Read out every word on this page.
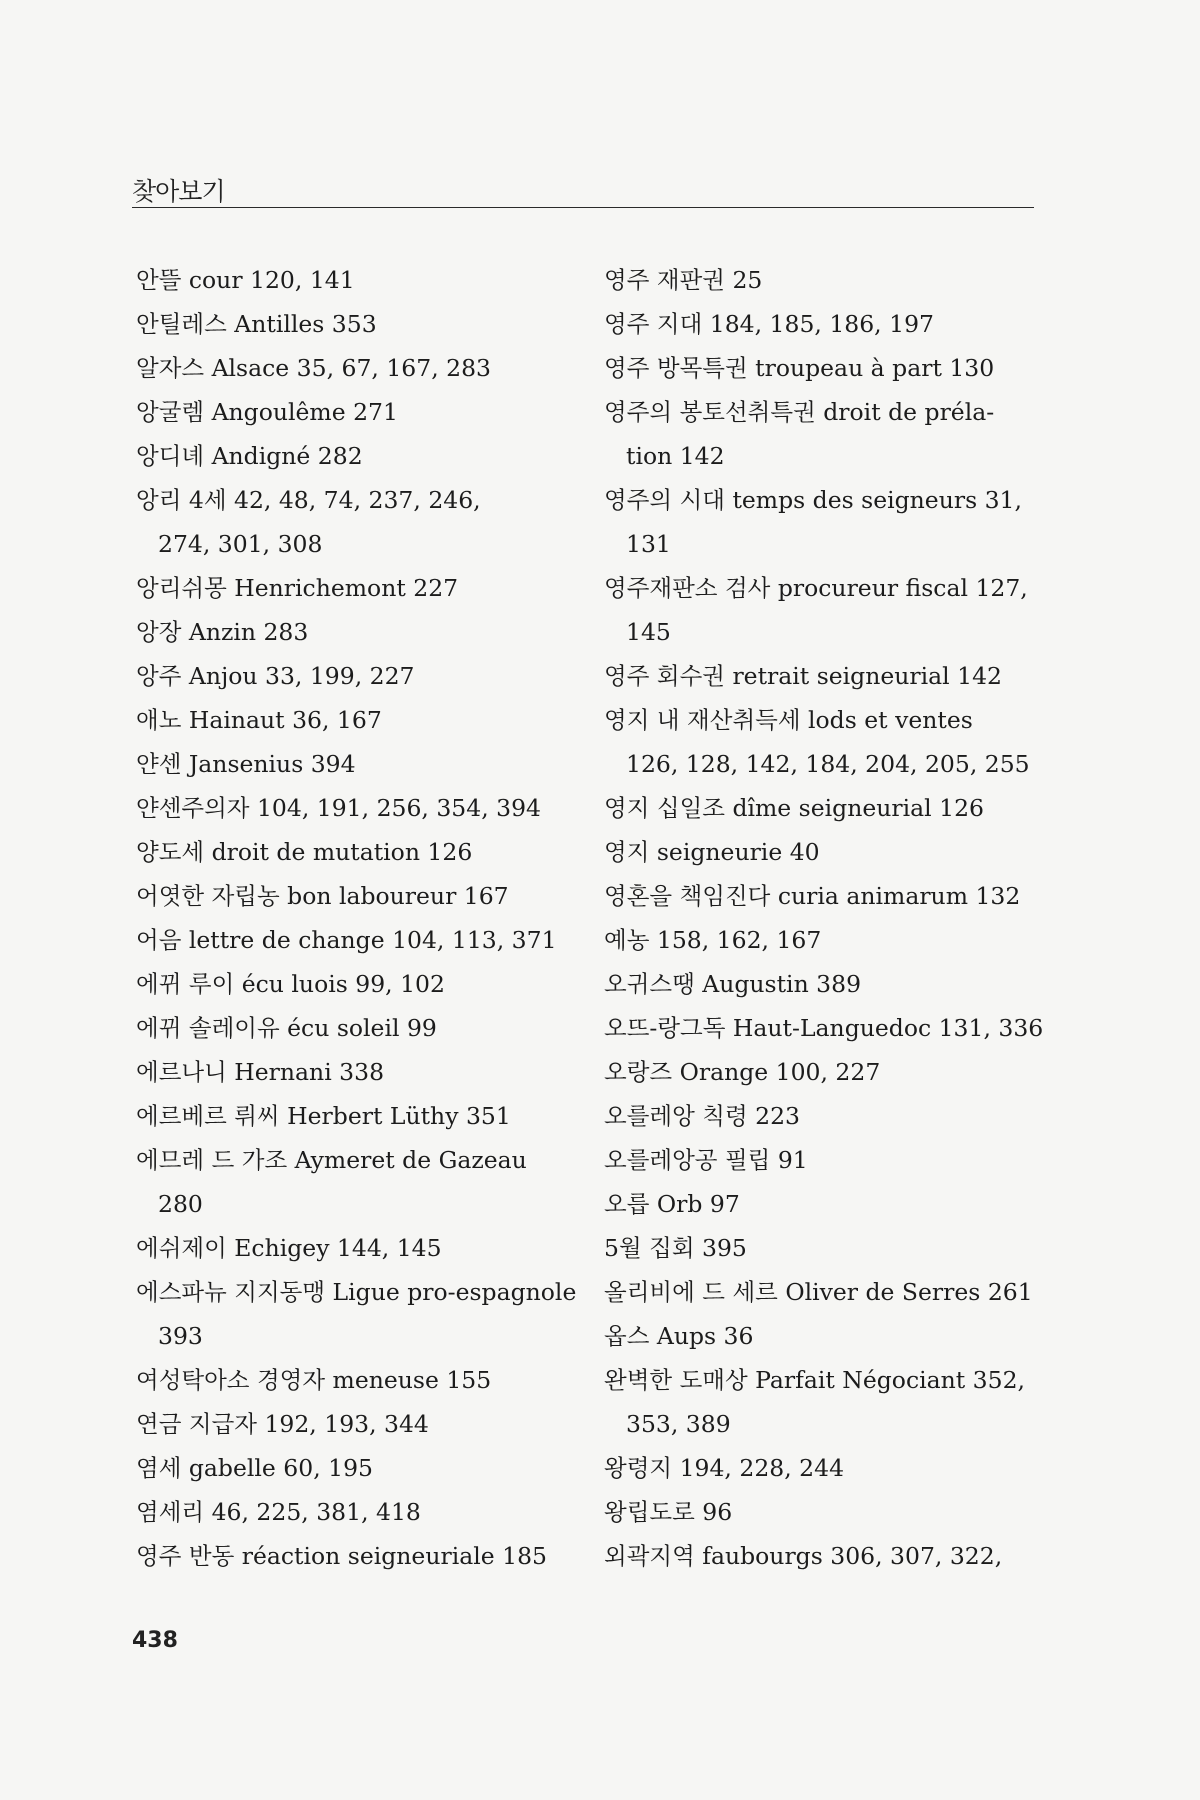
찾아보기
안뜰 cour 120, 141
안틸레스 Antilles 353
알자스 Alsace 35, 67, 167, 283
앙굴렘 Angoulême 271
앙디녜 Andigné 282
앙리 4세 42, 48, 74, 237, 246,
274, 301, 308
앙리쉬몽 Henrichemont 227
앙장 Anzin 283
앙주 Anjou 33, 199, 227
애노 Hainaut 36, 167
얀센 Jansenius 394
얀센주의자 104, 191, 256, 354, 394
양도세 droit de mutation 126
어엿한 자립농 bon laboureur 167
어음 lettre de change 104, 113, 371
에뀌 루이 écu luois 99, 102
에뀌 솔레이유 écu soleil 99
에르나니 Hernani 338
에르베르 뤼씨 Herbert Lüthy 351
에므레 드 가조 Aymeret de Gazeau
280
에쉬제이 Echigey 144, 145
에스파뉴 지지동맹 Ligue pro-espagnole
393
여성탁아소 경영자 meneuse 155
연금 지급자 192, 193, 344
염세 gabelle 60, 195
염세리 46, 225, 381, 418
영주 반동 réaction seigneuriale 185
영주 재판권 25
영주 지대 184, 185, 186, 197
영주 방목특권 troupeau à part 130
영주의 봉토선취특권 droit de préla-
tion 142
영주의 시대 temps des seigneurs 31,
131
영주재판소 검사 procureur fiscal 127,
145
영주 회수권 retrait seigneurial 142
영지 내 재산취득세 lods et ventes
126, 128, 142, 184, 204, 205, 255
영지 십일조 dîme seigneurial 126
영지 seigneurie 40
영혼을 책임진다 curia animarum 132
예농 158, 162, 167
오귀스땡 Augustin 389
오뜨-랑그독 Haut-Languedoc 131, 336
오랑즈 Orange 100, 227
오를레앙 칙령 223
오를레앙공 필립 91
오릅 Orb 97
5월 집회 395
올리비에 드 세르 Oliver de Serres 261
옵스 Aups 36
완벽한 도매상 Parfait Négociant 352,
353, 389
왕령지 194, 228, 244
왕립도로 96
외곽지역 faubourgs 306, 307, 322,
438
